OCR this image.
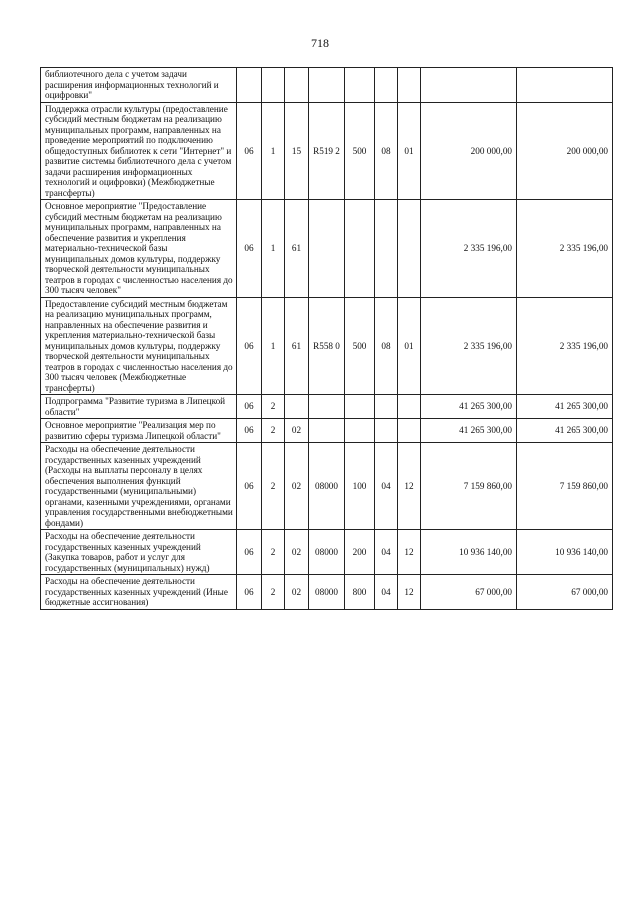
718
библиотечного дела с учетом задачи расширения информационных технологий и оцифровки"									
Поддержка отрасли культуры (предоставление субсидий местным бюджетам на реализацию муниципальных программ, направленных на проведение мероприятий по подключению общедоступных библиотек к сети "Интернет" и развитие системы библиотечного дела с учетом задачи расширения информационных технологий и оцифровки) (Межбюджетные трансферты)	06	1	15	R519 2	500	08	01	200 000,00	200 000,00
Основное мероприятие "Предоставление субсидий местным бюджетам на реализацию муниципальных программ, направленных на обеспечение развития и укрепления материально-технической базы муниципальных домов культуры, поддержку творческой деятельности муниципальных театров в городах с численностью населения до 300 тысяч человек"	06	1	61					2 335 196,00	2 335 196,00
Предоставление субсидий местным бюджетам на реализацию муниципальных программ, направленных на обеспечение развития и укрепления материально-технической базы муниципальных домов культуры, поддержку творческой деятельности муниципальных театров в городах с численностью населения до 300 тысяч человек (Межбюджетные трансферты)	06	1	61	R558 0	500	08	01	2 335 196,00	2 335 196,00
Подпрограмма "Развитие туризма в Липецкой области"	06	2						41 265 300,00	41 265 300,00
Основное мероприятие "Реализация мер по развитию сферы туризма Липецкой области"	06	2	02					41 265 300,00	41 265 300,00
Расходы на обеспечение деятельности государственных казенных учреждений (Расходы на выплаты персоналу в целях обеспечения выполнения функций государственными (муниципальными) органами, казенными учреждениями, органами управления государственными внебюджетными фондами)	06	2	02	08000	100	04	12	7 159 860,00	7 159 860,00
Расходы на обеспечение деятельности государственных казенных учреждений (Закупка товаров, работ и услуг для государственных (муниципальных) нужд)	06	2	02	08000	200	04	12	10 936 140,00	10 936 140,00
Расходы на обеспечение деятельности государственных казенных учреждений (Иные бюджетные ассигнования)	06	2	02	08000	800	04	12	67 000,00	67 000,00
